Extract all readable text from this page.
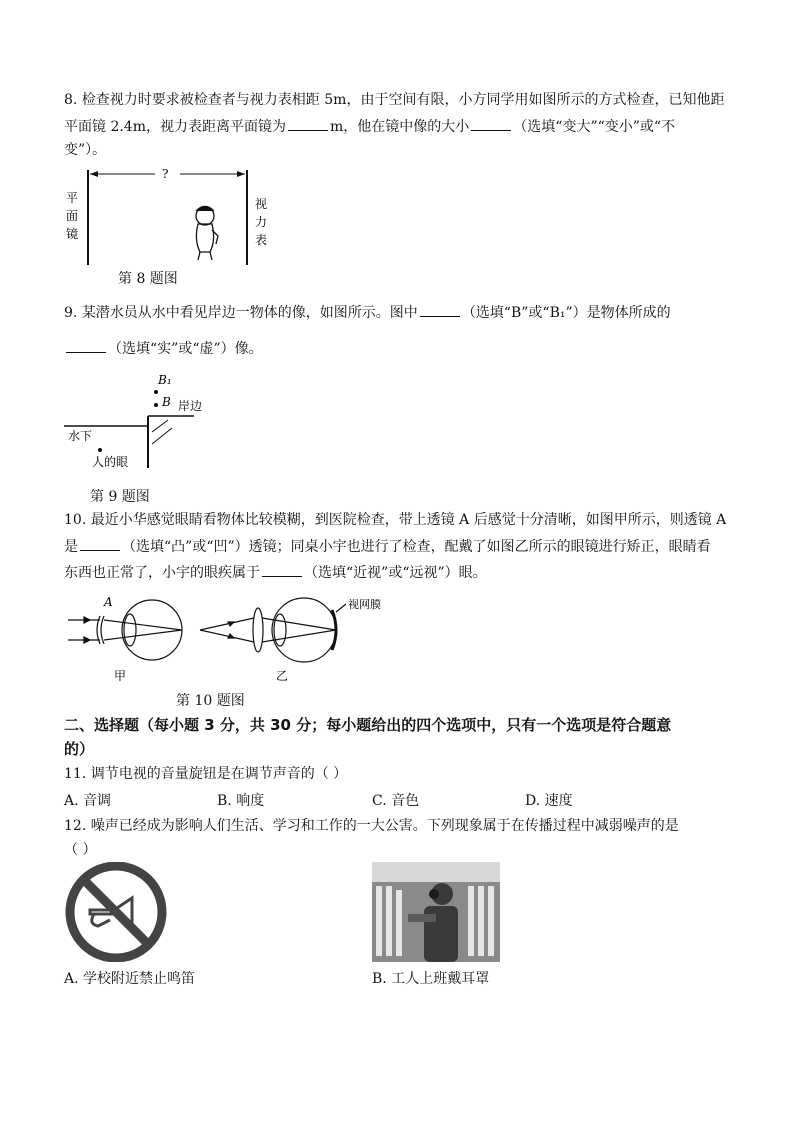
8. 检查视力时要求被检查者与视力表相距 5m，由于空间有限，小方同学用如图所示的方式检查，已知他距
平面镜 2.4m，视力表距离平面镜为	m，他在镜中像的大小	（选填“变大”“变小”或“不
变”）。
?
平
面
镜
视
力
表
第 8 题图
9. 某潜水员从水中看见岸边一物体的像，如图所示。图中	（选填“B”或“B₁”）是物体所成的
（选填“实”或“虚”）像。
B₁
B 岸边
水下
人的眼
第 9 题图
10. 最近小华感觉眼睛看物体比较模糊，到医院检查，带上透镜 A 后感觉十分清晰，如图甲所示，则透镜 A
是	（选填“凸”或“凹”）透镜；同桌小宇也进行了检查，配戴了如图乙所示的眼镜进行矫正，眼睛看
东西也正常了，小宇的眼疾属于	（选填“近视”或“远视”）眼。
A
甲
视网膜
乙
第 10 题图
二、选择题（每小题 3 分，共 30 分；每小题给出的四个选项中，只有一个选项是符合题意
的）
11. 调节电视的音量旋钮是在调节声音的（ ）
A. 音调	B. 响度	C. 音色	D. 速度
12. 噪声已经成为影响人们生活、学习和工作的一大公害。下列现象属于在传播过程中减弱噪声的是
（ ）
A. 学校附近禁止鸣笛	B. 工人上班戴耳罩
